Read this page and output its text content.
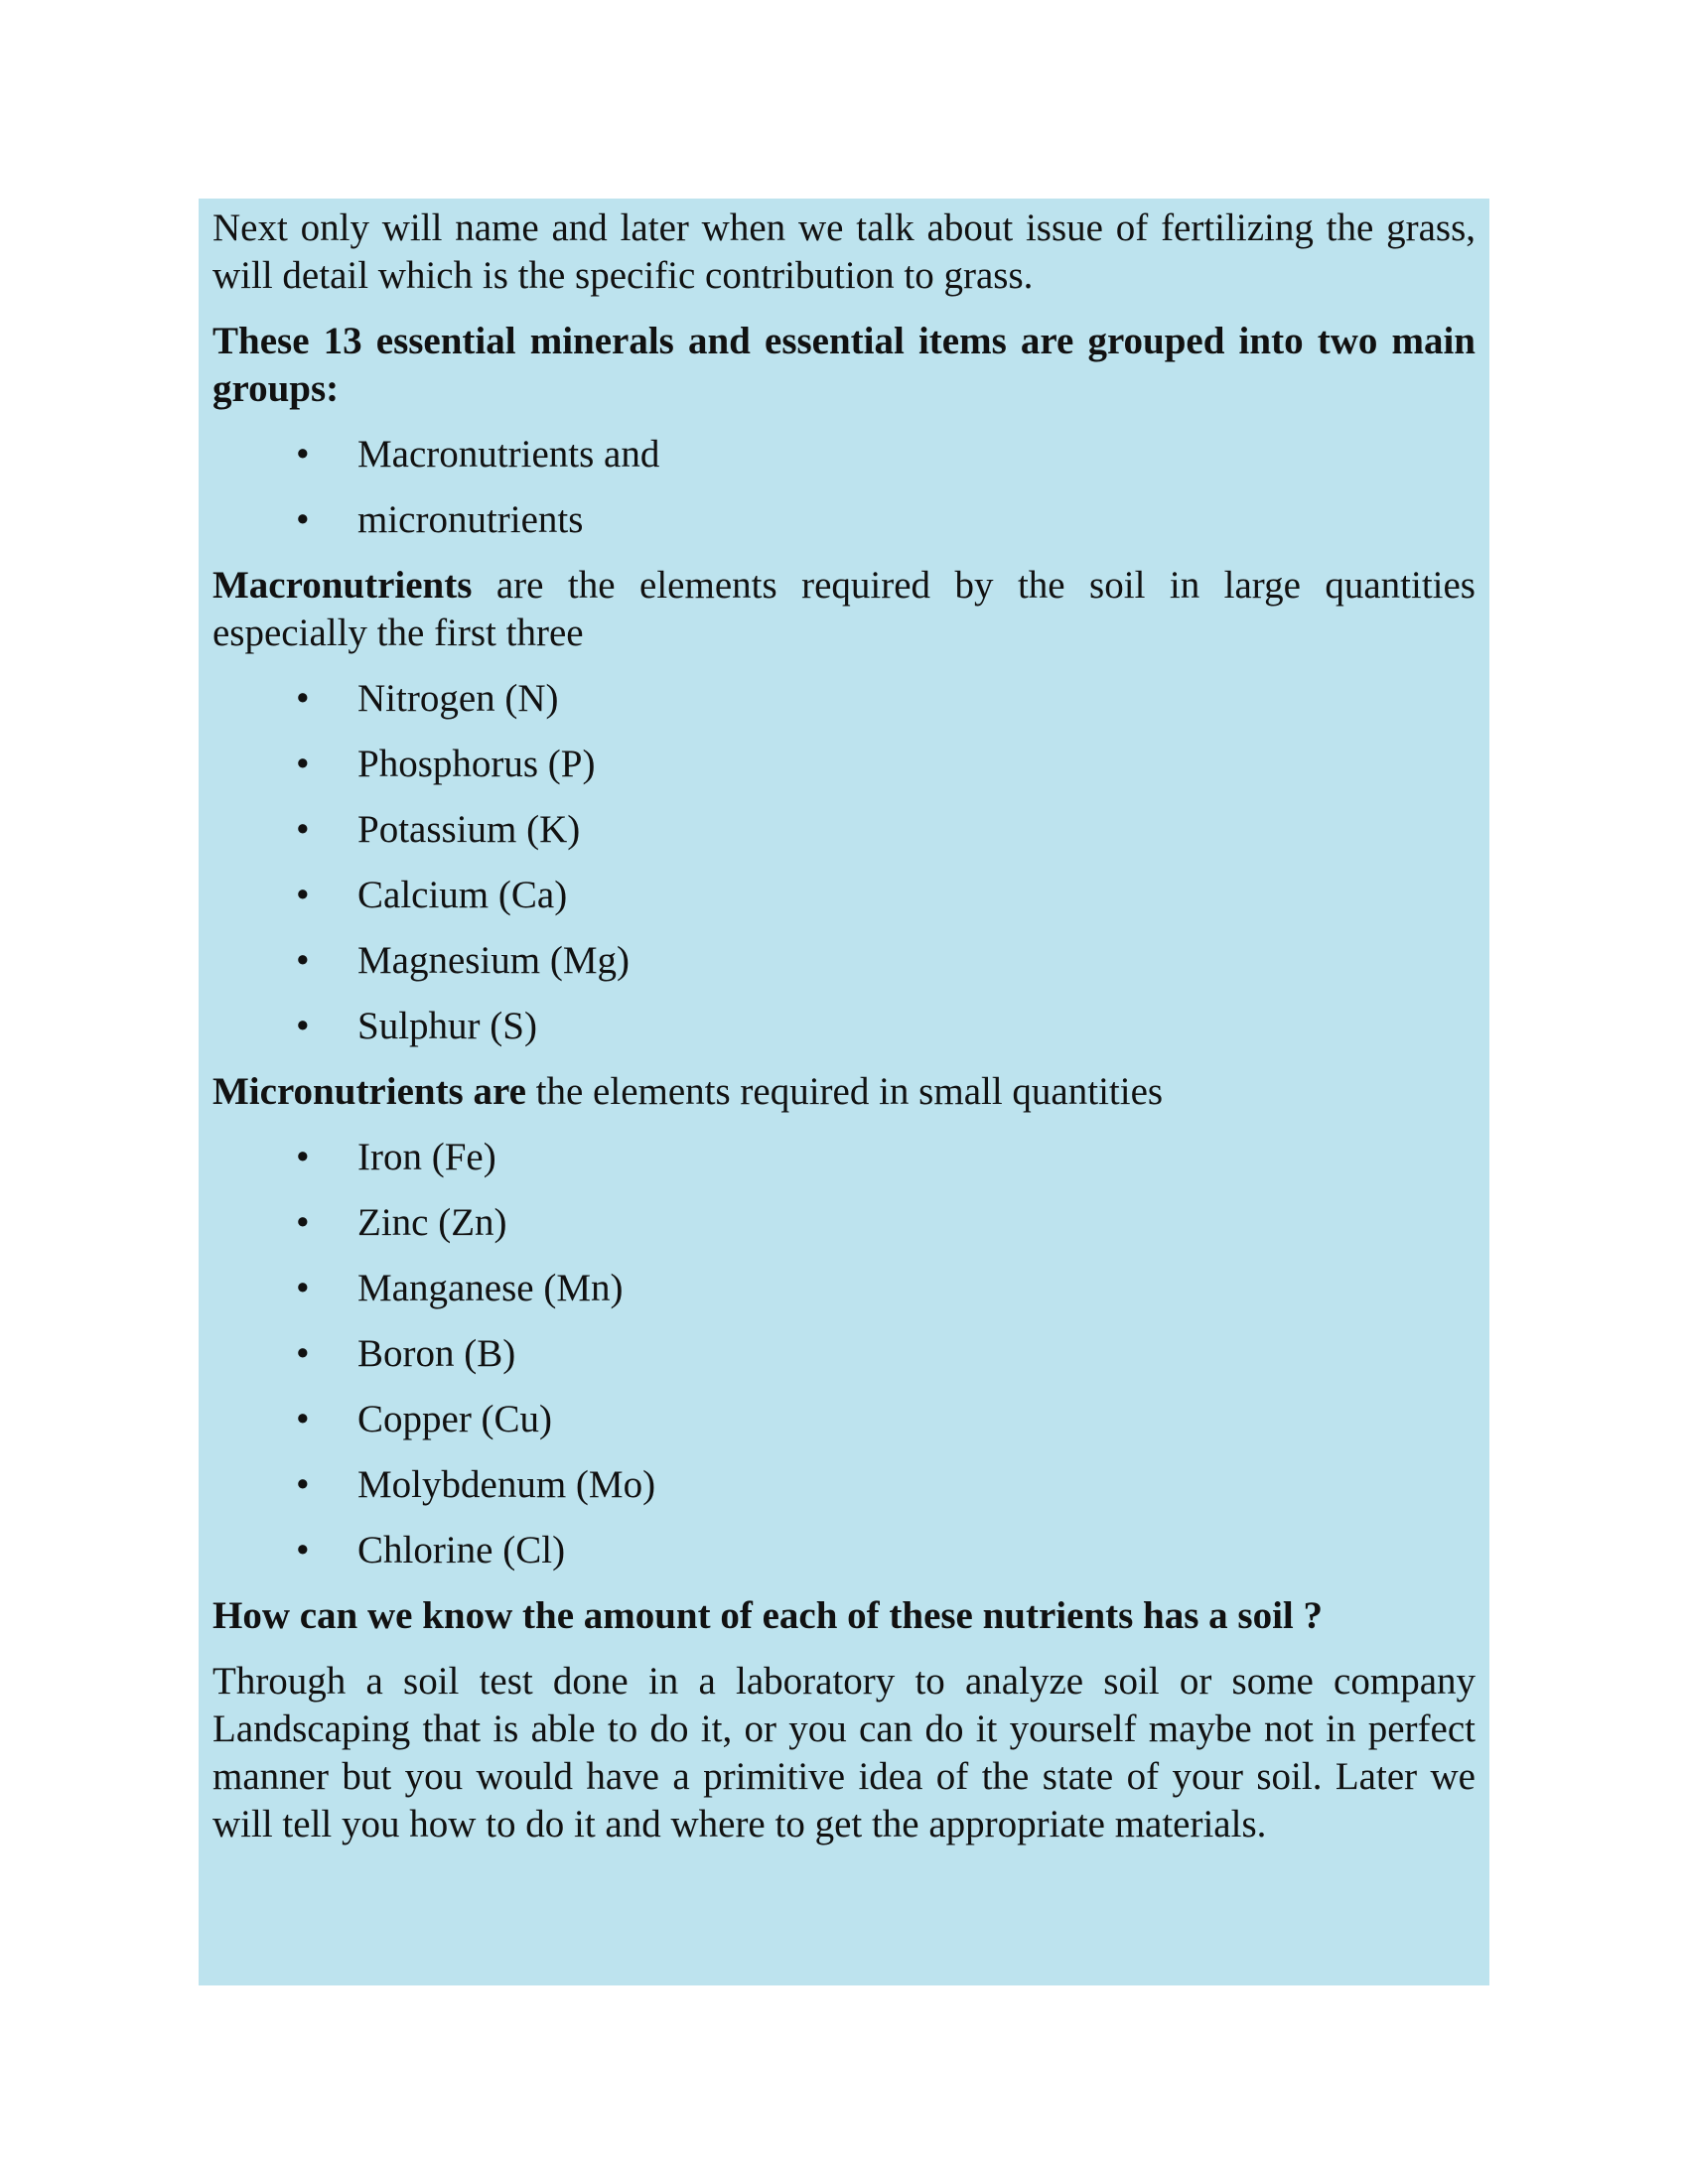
Next only will name and later when we talk about issue of fertilizing the grass, will detail which is the specific contribution to grass.

These 13 essential minerals and essential items are grouped into two main groups:

• Macronutrients and
• micronutrients

Macronutrients are the elements required by the soil in large quantities especially the first three

• Nitrogen (N)
• Phosphorus (P)
• Potassium (K)
• Calcium (Ca)
• Magnesium (Mg)
• Sulphur (S)

Micronutrients are the elements required in small quantities

• Iron (Fe)
• Zinc (Zn)
• Manganese (Mn)
• Boron (B)
• Copper (Cu)
• Molybdenum (Mo)
• Chlorine (Cl)

How can we know the amount of each of these nutrients has a soil ?

Through a soil test done in a laboratory to analyze soil or some company Landscaping that is able to do it, or you can do it yourself maybe not in perfect manner but you would have a primitive idea of the state of your soil. Later we will tell you how to do it and where to get the appropriate materials.
